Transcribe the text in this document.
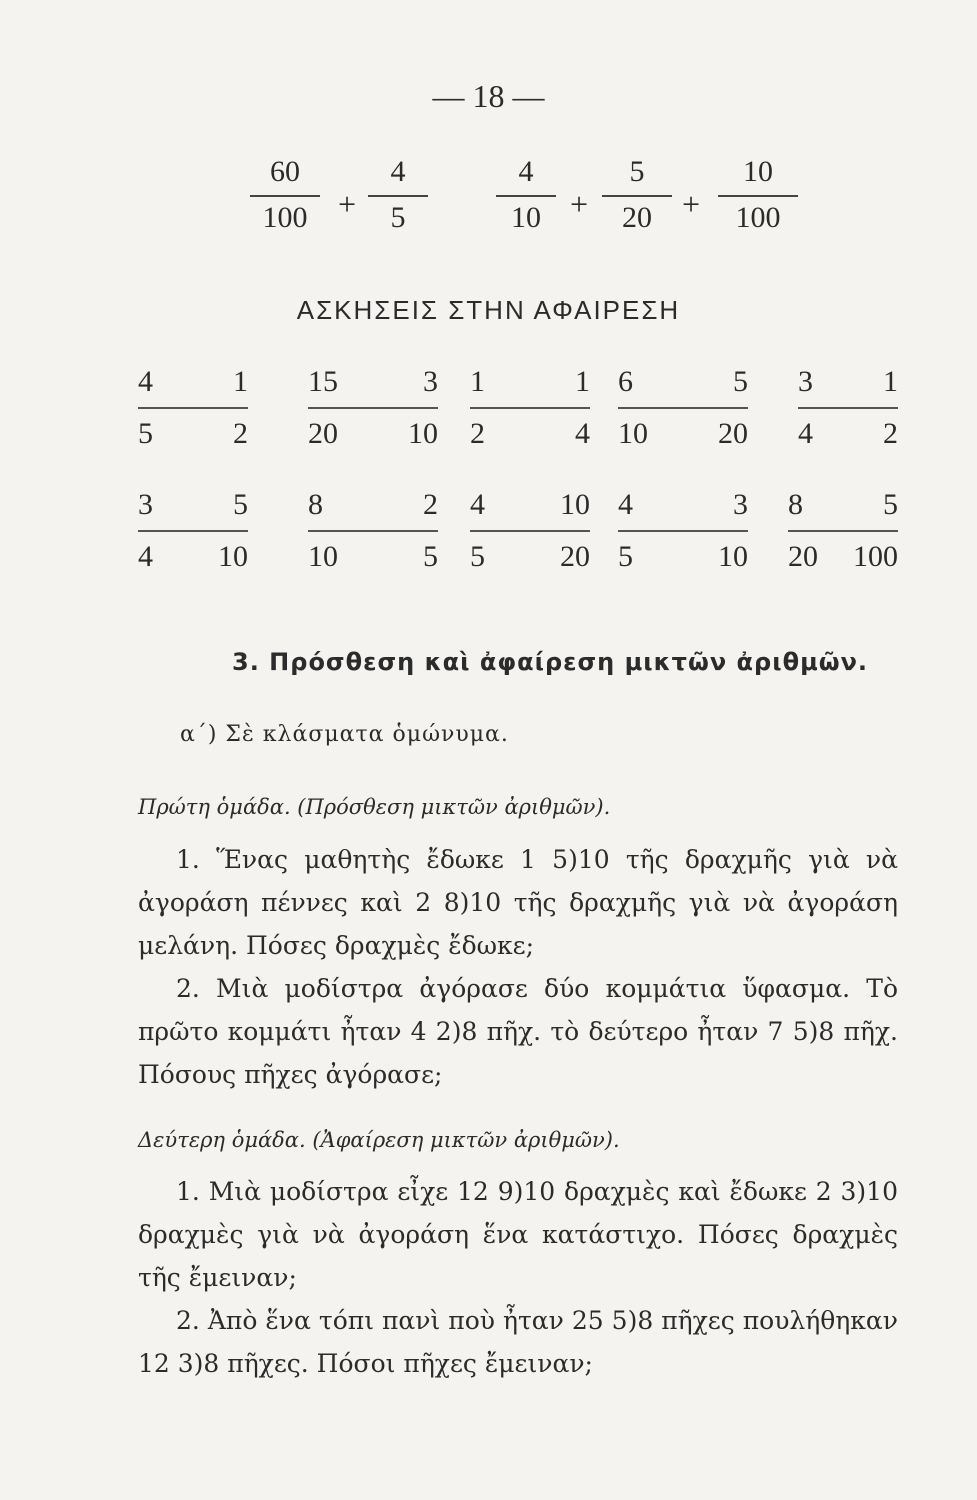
— 18 —
60
100 +
4
5
4
10 +
5
20 +
10
100
ΑΣΚΗΣΕΙΣ ΣΤΗΝ ΑΦΑΙΡΕΣΗ
4	1
5	2
15	3
20 10
1	1
2	4
6	5
10 20
3 1
4 2
3	5
4 10
8	2
10	5
4	10
5	20
4	3
5	10
8	5
20 100
3. Πρόσθεση καὶ ἀφαίρεση μικτῶν ἀριθμῶν.
α΄) Σὲ κλάσματα ὁμώνυμα.
Πρώτη ὁμάδα. (Πρόσθεση μικτῶν ἀριθμῶν).
1. Ἕνας μαθητὴς ἔδωκε 1 5)10 τῆς δραχμῆς γιὰ νὰ ἀγοράση πέννες καὶ 2 8)10 τῆς δραχμῆς γιὰ νὰ ἀγοράση μελάνη. Πόσες δραχμὲς ἔδωκε;
2. Μιὰ μοδίστρα ἀγόρασε δύο κομμάτια ὕφασμα. Τὸ πρῶτο κομμάτι ἦταν 4 2)8 πῆχ. τὸ δεύτερο ἦταν 7 5)8 πῆχ. Πόσους πῆχες ἀγόρασε;
Δεύτερη ὁμάδα. (Ἀφαίρεση μικτῶν ἀριθμῶν).
1. Μιὰ μοδίστρα εἶχε 12 9)10 δραχμὲς καὶ ἔδωκε 2 3)10 δραχμὲς γιὰ νὰ ἀγοράση ἕνα κατάστιχο. Πόσες δραχμὲς τῆς ἔμειναν;
2. Ἀπὸ ἕνα τόπι πανὶ ποὺ ἦταν 25 5)8 πῆχες πουλήθηκαν 12 3)8 πῆχες. Πόσοι πῆχες ἔμειναν;
